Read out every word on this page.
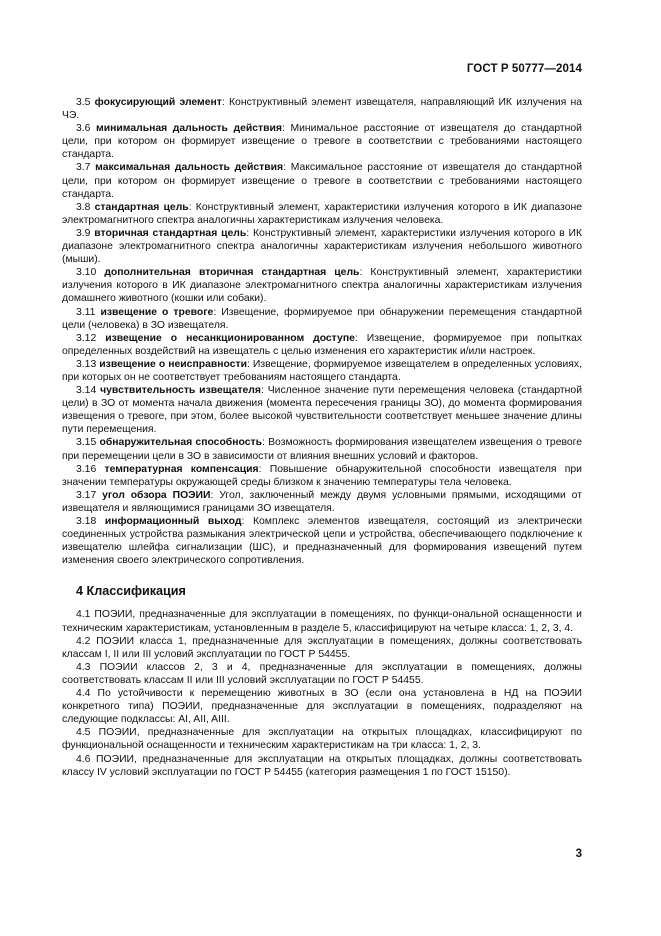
ГОСТ Р 50777—2014

3.5 фокусирующий элемент: Конструктивный элемент извещателя, направляющий ИК излучения на ЧЭ.

3.6 минимальная дальность действия: Минимальное расстояние от извещателя до стандартной цели, при котором он формирует извещение о тревоге в соответствии с требованиями настоящего стандарта.

3.7 максимальная дальность действия: Максимальное расстояние от извещателя до стандартной цели, при котором он формирует извещение о тревоге в соответствии с требованиями настоящего стандарта.

3.8 стандартная цель: Конструктивный элемент, характеристики излучения которого в ИК диапазоне электромагнитного спектра аналогичны характеристикам излучения человека.

3.9 вторичная стандартная цель: Конструктивный элемент, характеристики излучения которого в ИК диапазоне электромагнитного спектра аналогичны характеристикам излучения небольшого животного (мыши).

3.10 дополнительная вторичная стандартная цель: Конструктивный элемент, характеристики излучения которого в ИК диапазоне электромагнитного спектра аналогичны характеристикам излучения домашнего животного (кошки или собаки).

3.11 извещение о тревоге: Извещение, формируемое при обнаружении перемещения стандартной цели (человека) в ЗО извещателя.

3.12 извещение о несанкционированном доступе: Извещение, формируемое при попытках определенных воздействий на извещатель с целью изменения его характеристик и/или настроек.

3.13 извещение о неисправности: Извещение, формируемое извещателем в определенных условиях, при которых он не соответствует требованиям настоящего стандарта.

3.14 чувствительность извещателя: Численное значение пути перемещения человека (стандартной цели) в ЗО от момента начала движения (момента пересечения границы ЗО), до момента формирования извещения о тревоге, при этом, более высокой чувствительности соответствует меньшее значение длины пути перемещения.

3.15 обнаружительная способность: Возможность формирования извещателем извещения о тревоге при перемещении цели в ЗО в зависимости от влияния внешних условий и факторов.

3.16 температурная компенсация: Повышение обнаружительной способности извещателя при значении температуры окружающей среды близком к значению температуры тела человека.

3.17 угол обзора ПОЭИИ: Угол, заключенный между двумя условными прямыми, исходящими от извещателя и являющимися границами ЗО извещателя.

3.18 информационный выход: Комплекс элементов извещателя, состоящий из электрически соединенных устройства размыкания электрической цепи и устройства, обеспечивающего подключение к извещателю шлейфа сигнализации (ШС), и предназначенный для формирования извещений путем изменения своего электрического сопротивления.

4 Классификация

4.1 ПОЭИИ, предназначенные для эксплуатации в помещениях, по функци-ональной оснащенности и техническим характеристикам, установленным в разделе 5, классифицируют на четыре класса: 1, 2, 3, 4.

4.2 ПОЭИИ класса 1, предназначенные для эксплуатации в помещениях, должны соответствовать классам I, II или III условий эксплуатации по ГОСТ Р 54455.

4.3 ПОЭИИ классов 2, 3 и 4, предназначенные для эксплуатации в помещениях, должны соответствовать классам II или III условий эксплуатации по ГОСТ Р 54455.

4.4 По устойчивости к перемещению животных в ЗО (если она установлена в НД на ПОЭИИ конкретного типа) ПОЭИИ, предназначенные для эксплуатации в помещениях, подразделяют на следующие подклассы: AI, AII, AIII.

4.5 ПОЭИИ, предназначенные для эксплуатации на открытых площадках, классифицируют по функциональной оснащенности и техническим характеристикам на три класса: 1, 2, 3.

4.6 ПОЭИИ, предназначенные для эксплуатации на открытых площадках, должны соответствовать классу IV условий эксплуатации по ГОСТ Р 54455 (категория размещения 1 по ГОСТ 15150).

3
